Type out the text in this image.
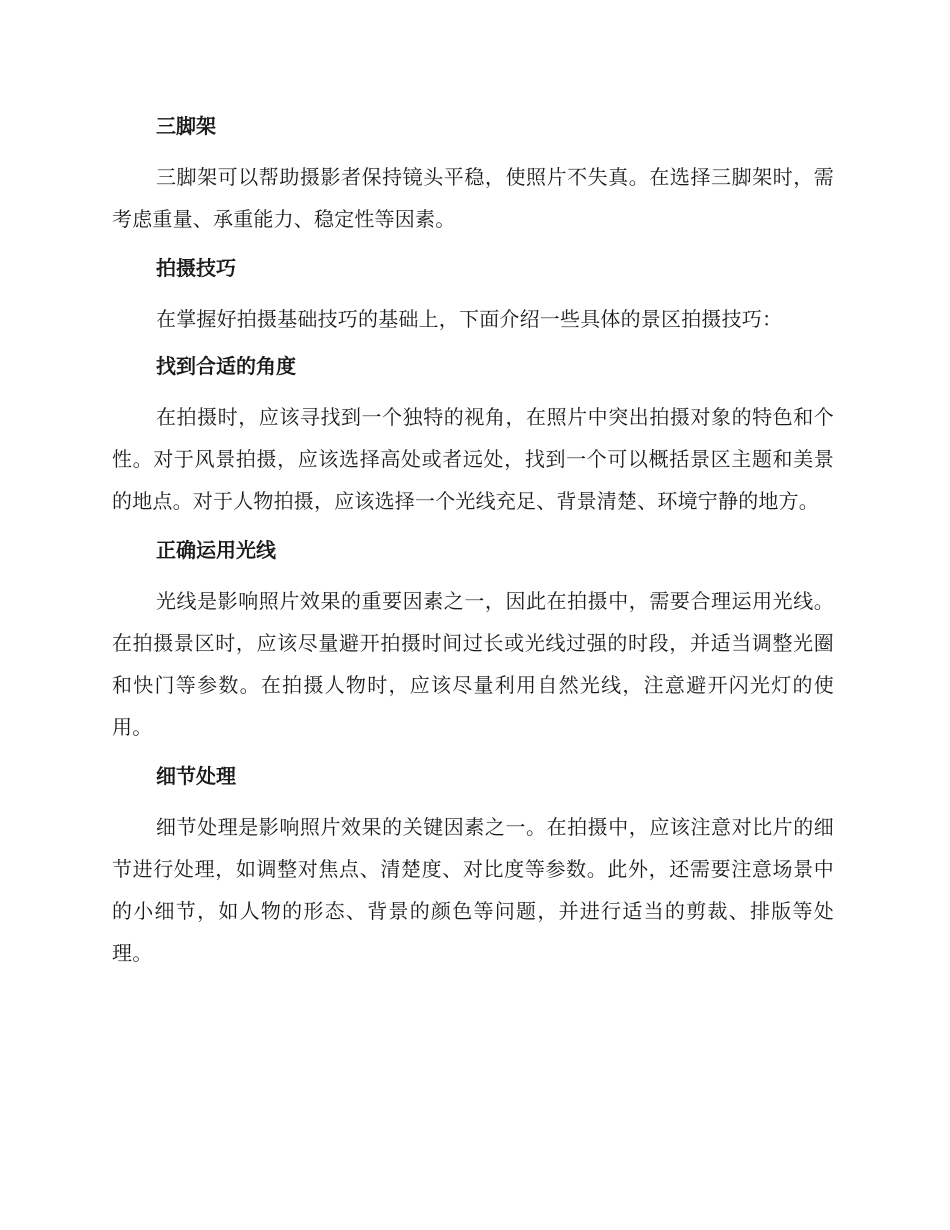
三脚架

三脚架可以帮助摄影者保持镜头平稳，使照片不失真。在选择三脚架时，需考虑重量、承重能力、稳定性等因素。

拍摄技巧

在掌握好拍摄基础技巧的基础上，下面介绍一些具体的景区拍摄技巧：

找到合适的角度

在拍摄时，应该寻找到一个独特的视角，在照片中突出拍摄对象的特色和个性。对于风景拍摄，应该选择高处或者远处，找到一个可以概括景区主题和美景的地点。对于人物拍摄，应该选择一个光线充足、背景清楚、环境宁静的地方。

正确运用光线

光线是影响照片效果的重要因素之一，因此在拍摄中，需要合理运用光线。在拍摄景区时，应该尽量避开拍摄时间过长或光线过强的时段，并适当调整光圈和快门等参数。在拍摄人物时，应该尽量利用自然光线，注意避开闪光灯的使用。

细节处理

细节处理是影响照片效果的关键因素之一。在拍摄中，应该注意对比片的细节进行处理，如调整对焦点、清楚度、对比度等参数。此外，还需要注意场景中的小细节，如人物的形态、背景的颜色等问题，并进行适当的剪裁、排版等处理。
